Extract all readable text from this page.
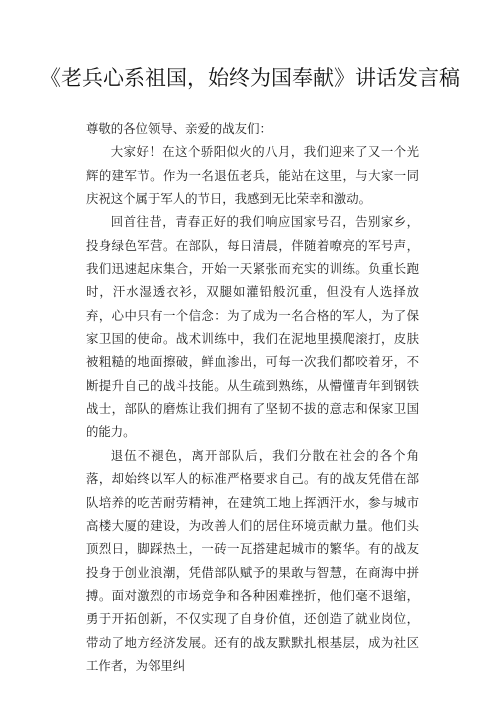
《老兵心系祖国，始终为国奉献》讲话发言稿

尊敬的各位领导、亲爱的战友们：

大家好！在这个骄阳似火的八月，我们迎来了又一个光辉的建军节。作为一名退伍老兵，能站在这里，与大家一同庆祝这个属于军人的节日，我感到无比荣幸和激动。

回首往昔，青春正好的我们响应国家号召，告别家乡，投身绿色军营。在部队，每日清晨，伴随着嘹亮的军号声，我们迅速起床集合，开始一天紧张而充实的训练。负重长跑时，汗水湿透衣衫，双腿如灌铅般沉重，但没有人选择放弃，心中只有一个信念：为了成为一名合格的军人，为了保家卫国的使命。战术训练中，我们在泥地里摸爬滚打，皮肤被粗糙的地面擦破，鲜血渗出，可每一次我们都咬着牙，不断提升自己的战斗技能。从生疏到熟练，从懵懂青年到钢铁战士，部队的磨炼让我们拥有了坚韧不拔的意志和保家卫国的能力。

退伍不褪色，离开部队后，我们分散在社会的各个角落，却始终以军人的标准严格要求自己。有的战友凭借在部队培养的吃苦耐劳精神，在建筑工地上挥洒汗水，参与城市高楼大厦的建设，为改善人们的居住环境贡献力量。他们头顶烈日，脚踩热土，一砖一瓦搭建起城市的繁华。有的战友投身于创业浪潮，凭借部队赋予的果敢与智慧，在商海中拼搏。面对激烈的市场竞争和各种困难挫折，他们毫不退缩，勇于开拓创新，不仅实现了自身价值，还创造了就业岗位，带动了地方经济发展。还有的战友默默扎根基层，成为社区工作者，为邻里纠
